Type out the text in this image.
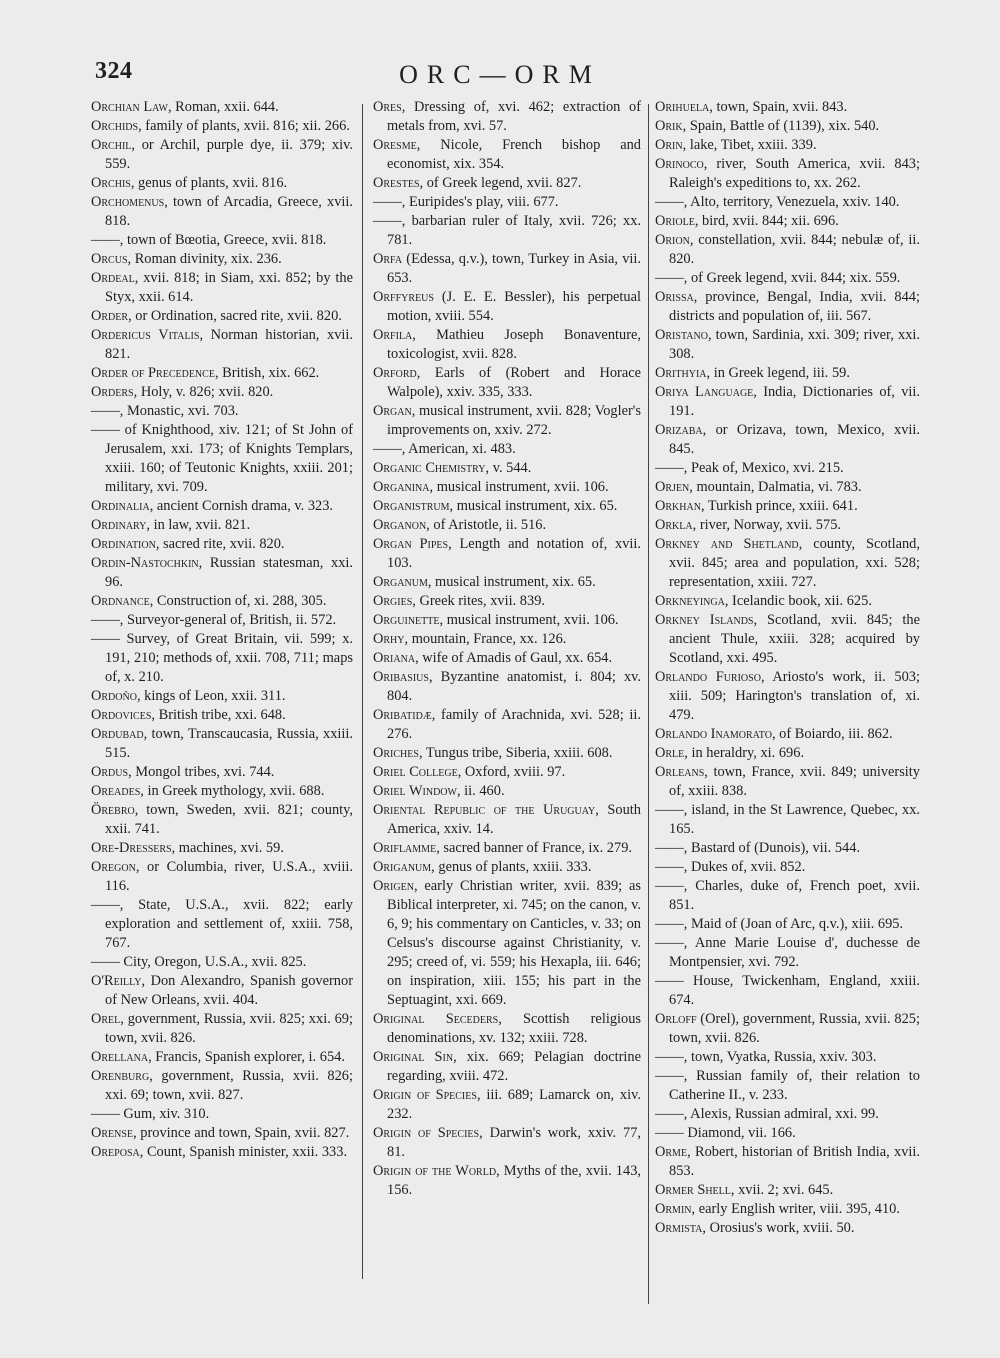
324	ORC—ORM
Orchian Law, Roman, xxii. 644.
Orchids, family of plants, xvii. 816; xii. 266.
Orchil, or Archil, purple dye, ii. 379; xiv. 559.
Orchis, genus of plants, xvii. 816.
Orchomenus, town of Arcadia, Greece, xvii. 818.
——, town of Bœotia, Greece, xvii. 818.
Orcus, Roman divinity, xix. 236.
Ordeal, xvii. 818; in Siam, xxi. 852; by the Styx, xxii. 614.
Order, or Ordination, sacred rite, xvii. 820.
Ordericus Vitalis, Norman historian, xvii. 821.
Order of Precedence, British, xix. 662.
Orders, Holy, v. 826; xvii. 820.
——, Monastic, xvi. 703.
—— of Knighthood, xiv. 121; of St John of Jerusalem, xxi. 173; of Knights Templars, xxiii. 160; of Teutonic Knights, xxiii. 201; military, xvi. 709.
Ordinalia, ancient Cornish drama, v. 323.
Ordinary, in law, xvii. 821.
Ordination, sacred rite, xvii. 820.
Ordin-Nastochkin, Russian statesman, xxi. 96.
Ordnance, Construction of, xi. 288, 305.
——, Surveyor-general of, British, ii. 572.
—— Survey, of Great Britain, vii. 599; x. 191, 210; methods of, xxii. 708, 711; maps of, x. 210.
Ordoño, kings of Leon, xxii. 311.
Ordovices, British tribe, xxi. 648.
Ordubad, town, Transcaucasia, Russia, xxiii. 515.
Ordus, Mongol tribes, xvi. 744.
Oreades, in Greek mythology, xvii. 688.
Örebro, town, Sweden, xvii. 821; county, xxii. 741.
Ore-Dressers, machines, xvi. 59.
Oregon, or Columbia, river, U.S.A., xviii. 116.
——, State, U.S.A., xvii. 822; early exploration and settlement of, xxiii. 758, 767.
—— City, Oregon, U.S.A., xvii. 825.
O'Reilly, Don Alexandro, Spanish governor of New Orleans, xvii. 404.
Orel, government, Russia, xvii. 825; xxi. 69; town, xvii. 826.
Orellana, Francis, Spanish explorer, i. 654.
Orenburg, government, Russia, xvii. 826; xxi. 69; town, xvii. 827.
—— Gum, xiv. 310.
Orense, province and town, Spain, xvii. 827.
Oreposa, Count, Spanish minister, xxii. 333.
Ores, Dressing of, xvi. 462; extraction of metals from, xvi. 57.
Oresme, Nicole, French bishop and economist, xix. 354.
Orestes, of Greek legend, xvii. 827.
——, Euripides's play, viii. 677.
——, barbarian ruler of Italy, xvii. 726; xx. 781.
Orfa (Edessa, q.v.), town, Turkey in Asia, vii. 653.
Orffyreus (J. E. E. Bessler), his perpetual motion, xviii. 554.
Orfila, Mathieu Joseph Bonaventure, toxicologist, xvii. 828.
Orford, Earls of (Robert and Horace Walpole), xxiv. 335, 333.
Organ, musical instrument, xvii. 828; Vogler's improvements on, xxiv. 272.
——, American, xi. 483.
Organic Chemistry, v. 544.
Organina, musical instrument, xvii. 106.
Organistrum, musical instrument, xix. 65.
Organon, of Aristotle, ii. 516.
Organ Pipes, Length and notation of, xvii. 103.
Organum, musical instrument, xix. 65.
Orgies, Greek rites, xvii. 839.
Orguinette, musical instrument, xvii. 106.
Orhy, mountain, France, xx. 126.
Oriana, wife of Amadis of Gaul, xx. 654.
Oribasius, Byzantine anatomist, i. 804; xv. 804.
Oribatidæ, family of Arachnida, xvi. 528; ii. 276.
Oriches, Tungus tribe, Siberia, xxiii. 608.
Oriel College, Oxford, xviii. 97.
Oriel Window, ii. 460.
Oriental Republic of the Uruguay, South America, xxiv. 14.
Oriflamme, sacred banner of France, ix. 279.
Origanum, genus of plants, xxiii. 333.
Origen, early Christian writer, xvii. 839; as Biblical interpreter, xi. 745; on the canon, v. 6, 9; his commentary on Canticles, v. 33; on Celsus's discourse against Christianity, v. 295; creed of, vi. 559; his Hexapla, iii. 646; on inspiration, xiii. 155; his part in the Septuagint, xxi. 669.
Original Seceders, Scottish religious denominations, xv. 132; xxiii. 728.
Original Sin, xix. 669; Pelagian doctrine regarding, xviii. 472.
Origin of Species, iii. 689; Lamarck on, xiv. 232.
Origin of Species, Darwin's work, xxiv. 77, 81.
Origin of the World, Myths of the, xvii. 143, 156.
Orihuela, town, Spain, xvii. 843.
Orik, Spain, Battle of (1139), xix. 540.
Orin, lake, Tibet, xxiii. 339.
Orinoco, river, South America, xvii. 843; Raleigh's expeditions to, xx. 262.
——, Alto, territory, Venezuela, xxiv. 140.
Oriole, bird, xvii. 844; xii. 696.
Orion, constellation, xvii. 844; nebulæ of, ii. 820.
——, of Greek legend, xvii. 844; xix. 559.
Orissa, province, Bengal, India, xvii. 844; districts and population of, iii. 567.
Oristano, town, Sardinia, xxi. 309; river, xxi. 308.
Orithyia, in Greek legend, iii. 59.
Oriya Language, India, Dictionaries of, vii. 191.
Orizaba, or Orizava, town, Mexico, xvii. 845.
——, Peak of, Mexico, xvi. 215.
Orjen, mountain, Dalmatia, vi. 783.
Orkhan, Turkish prince, xxiii. 641.
Orkla, river, Norway, xvii. 575.
Orkney and Shetland, county, Scotland, xvii. 845; area and population, xxi. 528; representation, xxiii. 727.
Orkneyinga, Icelandic book, xii. 625.
Orkney Islands, Scotland, xvii. 845; the ancient Thule, xxiii. 328; acquired by Scotland, xxi. 495.
Orlando Furioso, Ariosto's work, ii. 503; xiii. 509; Harington's translation of, xi. 479.
Orlando Inamorato, of Boiardo, iii. 862.
Orle, in heraldry, xi. 696.
Orleans, town, France, xvii. 849; university of, xxiii. 838.
——, island, in the St Lawrence, Quebec, xx. 165.
——, Bastard of (Dunois), vii. 544.
——, Dukes of, xvii. 852.
——, Charles, duke of, French poet, xvii. 851.
——, Maid of (Joan of Arc, q.v.), xiii. 695.
——, Anne Marie Louise d', duchesse de Montpensier, xvi. 792.
—— House, Twickenham, England, xxiii. 674.
Orloff (Orel), government, Russia, xvii. 825; town, xvii. 826.
——, town, Vyatka, Russia, xxiv. 303.
——, Russian family of, their relation to Catherine II., v. 233.
——, Alexis, Russian admiral, xxi. 99.
—— Diamond, vii. 166.
Orme, Robert, historian of British India, xvii. 853.
Ormer Shell, xvii. 2; xvi. 645.
Ormin, early English writer, viii. 395, 410.
Ormista, Orosius's work, xviii. 50.
